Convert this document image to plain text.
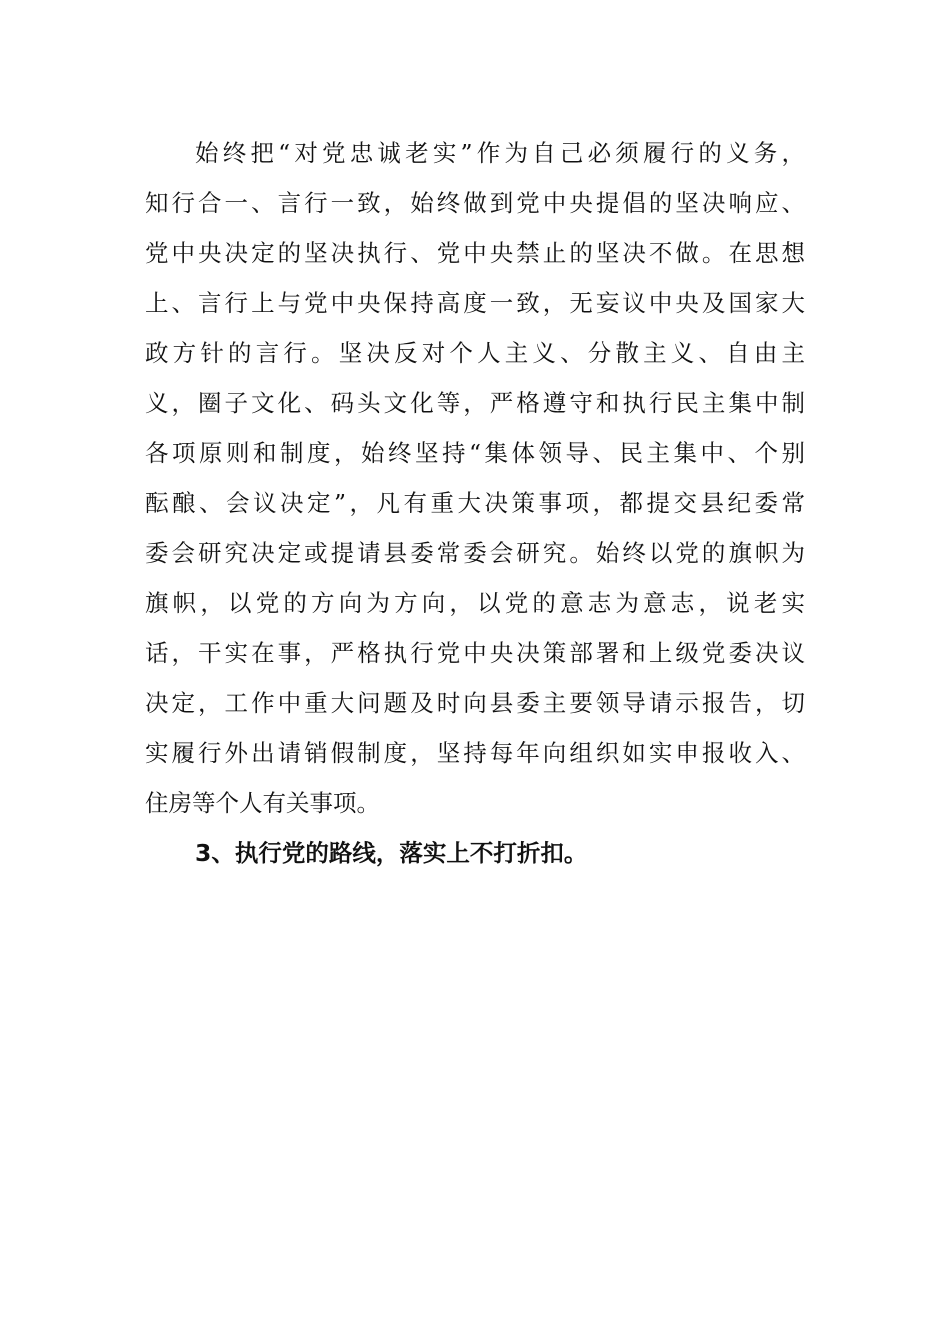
始终把“对党忠诚老实”作为自己必须履行的义务，
知行合一、言行一致，始终做到党中央提倡的坚决响应、
党中央决定的坚决执行、党中央禁止的坚决不做。在思想
上、言行上与党中央保持高度一致，无妄议中央及国家大
政方针的言行。坚决反对个人主义、分散主义、自由主
义，圈子文化、码头文化等，严格遵守和执行民主集中制
各项原则和制度，始终坚持“集体领导、民主集中、个别
酝酿、会议决定”，凡有重大决策事项，都提交县纪委常
委会研究决定或提请县委常委会研究。始终以党的旗帜为
旗帜，以党的方向为方向，以党的意志为意志，说老实
话，干实在事，严格执行党中央决策部署和上级党委决议
决定，工作中重大问题及时向县委主要领导请示报告，切
实履行外出请销假制度，坚持每年向组织如实申报收入、
住房等个人有关事项。
3、执行党的路线，落实上不打折扣。
